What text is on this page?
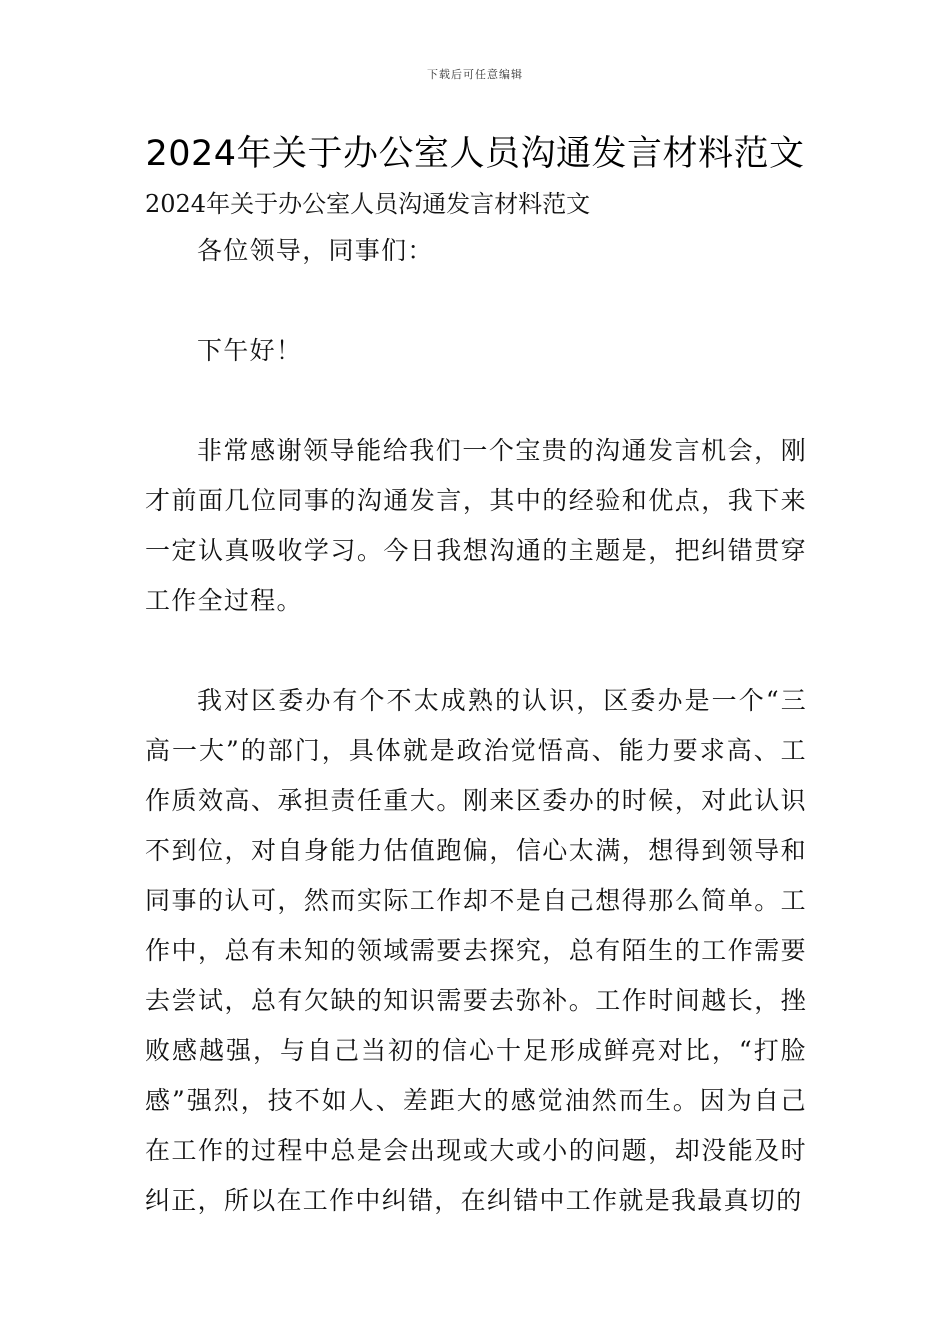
下载后可任意编辑
2024年关于办公室人员沟通发言材料范文

2024年关于办公室人员沟通发言材料范文

各位领导，同事们：

下午好！

非常感谢领导能给我们一个宝贵的沟通发言机会，刚才前面几位同事的沟通发言，其中的经验和优点，我下来一定认真吸收学习。今日我想沟通的主题是，把纠错贯穿工作全过程。

我对区委办有个不太成熟的认识，区委办是一个“三高一大”的部门，具体就是政治觉悟高、能力要求高、工作质效高、承担责任重大。刚来区委办的时候，对此认识不到位，对自身能力估值跑偏，信心太满，想得到领导和同事的认可，然而实际工作却不是自己想得那么简单。工作中，总有未知的领域需要去探究，总有陌生的工作需要去尝试，总有欠缺的知识需要去弥补。工作时间越长，挫败感越强，与自己当初的信心十足形成鲜亮对比，“打脸感”强烈，技不如人、差距大的感觉油然而生。因为自己在工作的过程中总是会出现或大或小的问题，却没能及时纠正，所以在工作中纠错，在纠错中工作就是我最真切的
